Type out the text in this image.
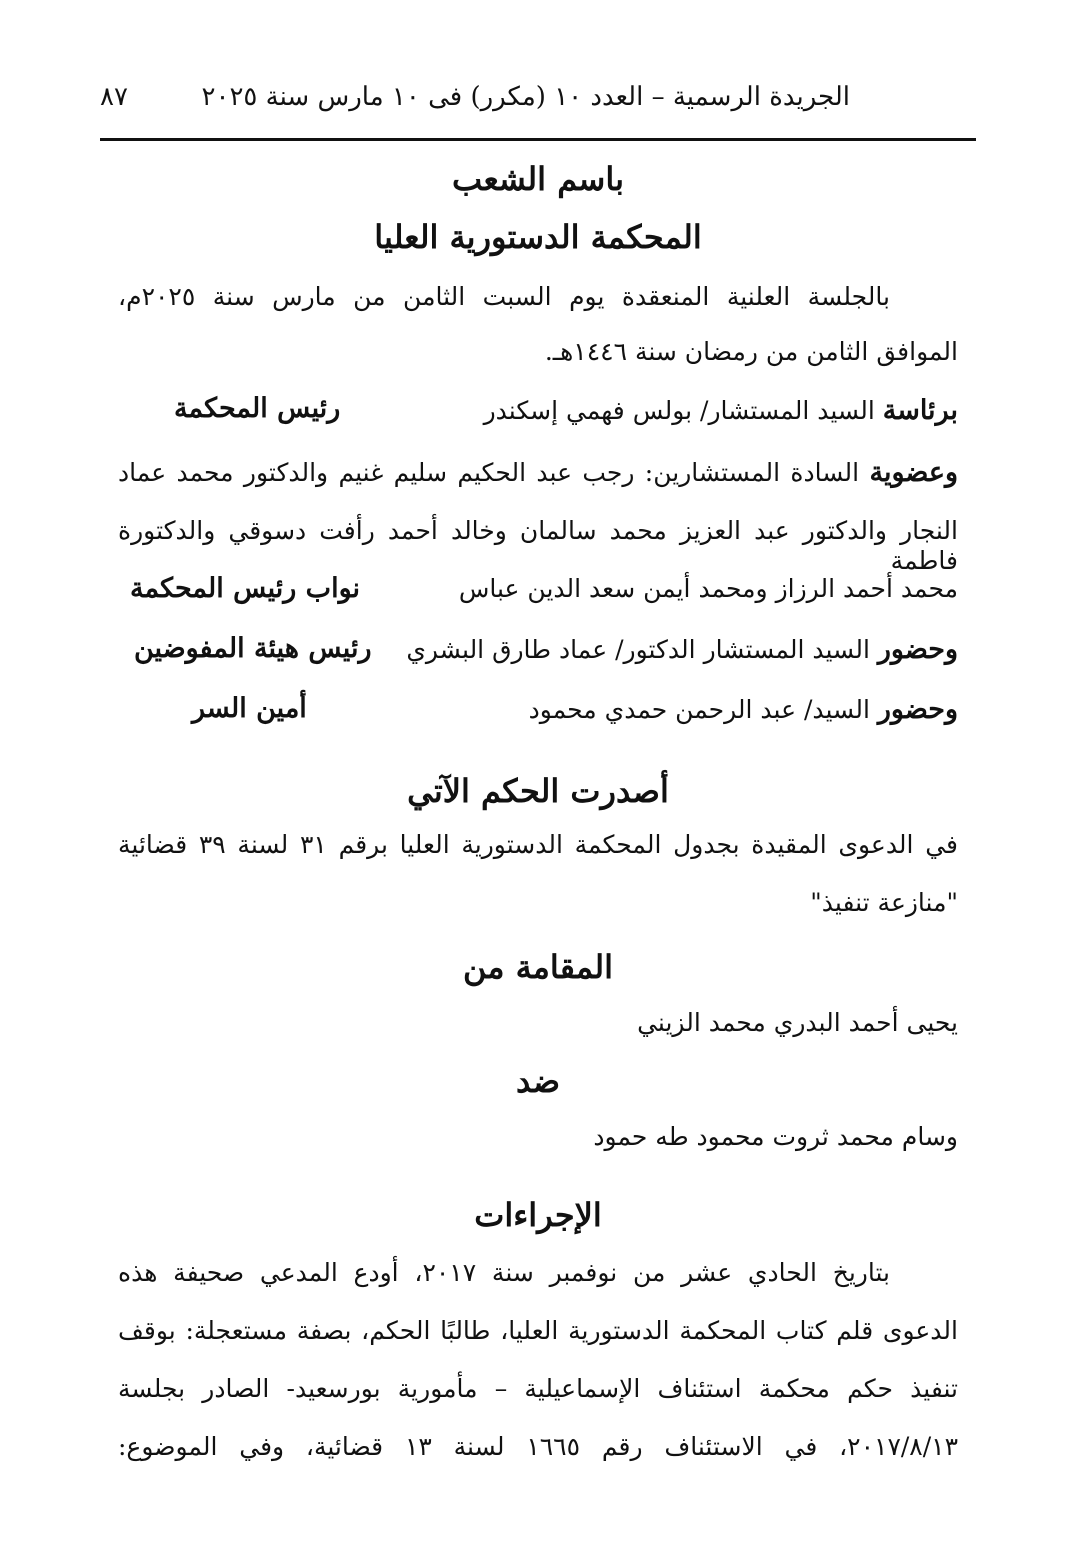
الجريدة الرسمية – العدد ١٠ (مكرر) فى ١٠ مارس سنة ٢٠٢٥
٨٧
باسم الشعب
المحكمة الدستورية العليا
بالجلسة العلنية المنعقدة يوم السبت الثامن من مارس سنة ٢٠٢٥م،
الموافق الثامن من رمضان سنة ١٤٤٦هـ.
برئاسة السيد المستشار/ بولس فهمي إسكندر
رئيس المحكمة
وعضوية السادة المستشارين: رجب عبد الحكيم سليم غنيم والدكتور محمد عماد
النجار والدكتور عبد العزيز محمد سالمان وخالد أحمد رأفت دسوقي والدكتورة فاطمة
محمد أحمد الرزاز ومحمد أيمن سعد الدين عباس
نواب رئيس المحكمة
وحضور السيد المستشار الدكتور/ عماد طارق البشري
رئيس هيئة المفوضين
وحضور السيد/ عبد الرحمن حمدي محمود
أمين السر
أصدرت الحكم الآتي
في الدعوى المقيدة بجدول المحكمة الدستورية العليا برقم ٣١ لسنة ٣٩ قضائية
"منازعة تنفيذ"
المقامة من
يحيى أحمد البدري محمد الزيني
ضد
وسام محمد ثروت محمود طه حمود
الإجراءات
بتاريخ الحادي عشر من نوفمبر سنة ٢٠١٧، أودع المدعي صحيفة هذه
الدعوى قلم كتاب المحكمة الدستورية العليا، طالبًا الحكم، بصفة مستعجلة: بوقف
تنفيذ حكم محكمة استئناف الإسماعيلية – مأمورية بورسعيد- الصادر بجلسة
٢٠١٧/٨/١٣، في الاستئناف رقم ١٦٦٥ لسنة ١٣ قضائية، وفي الموضوع:
